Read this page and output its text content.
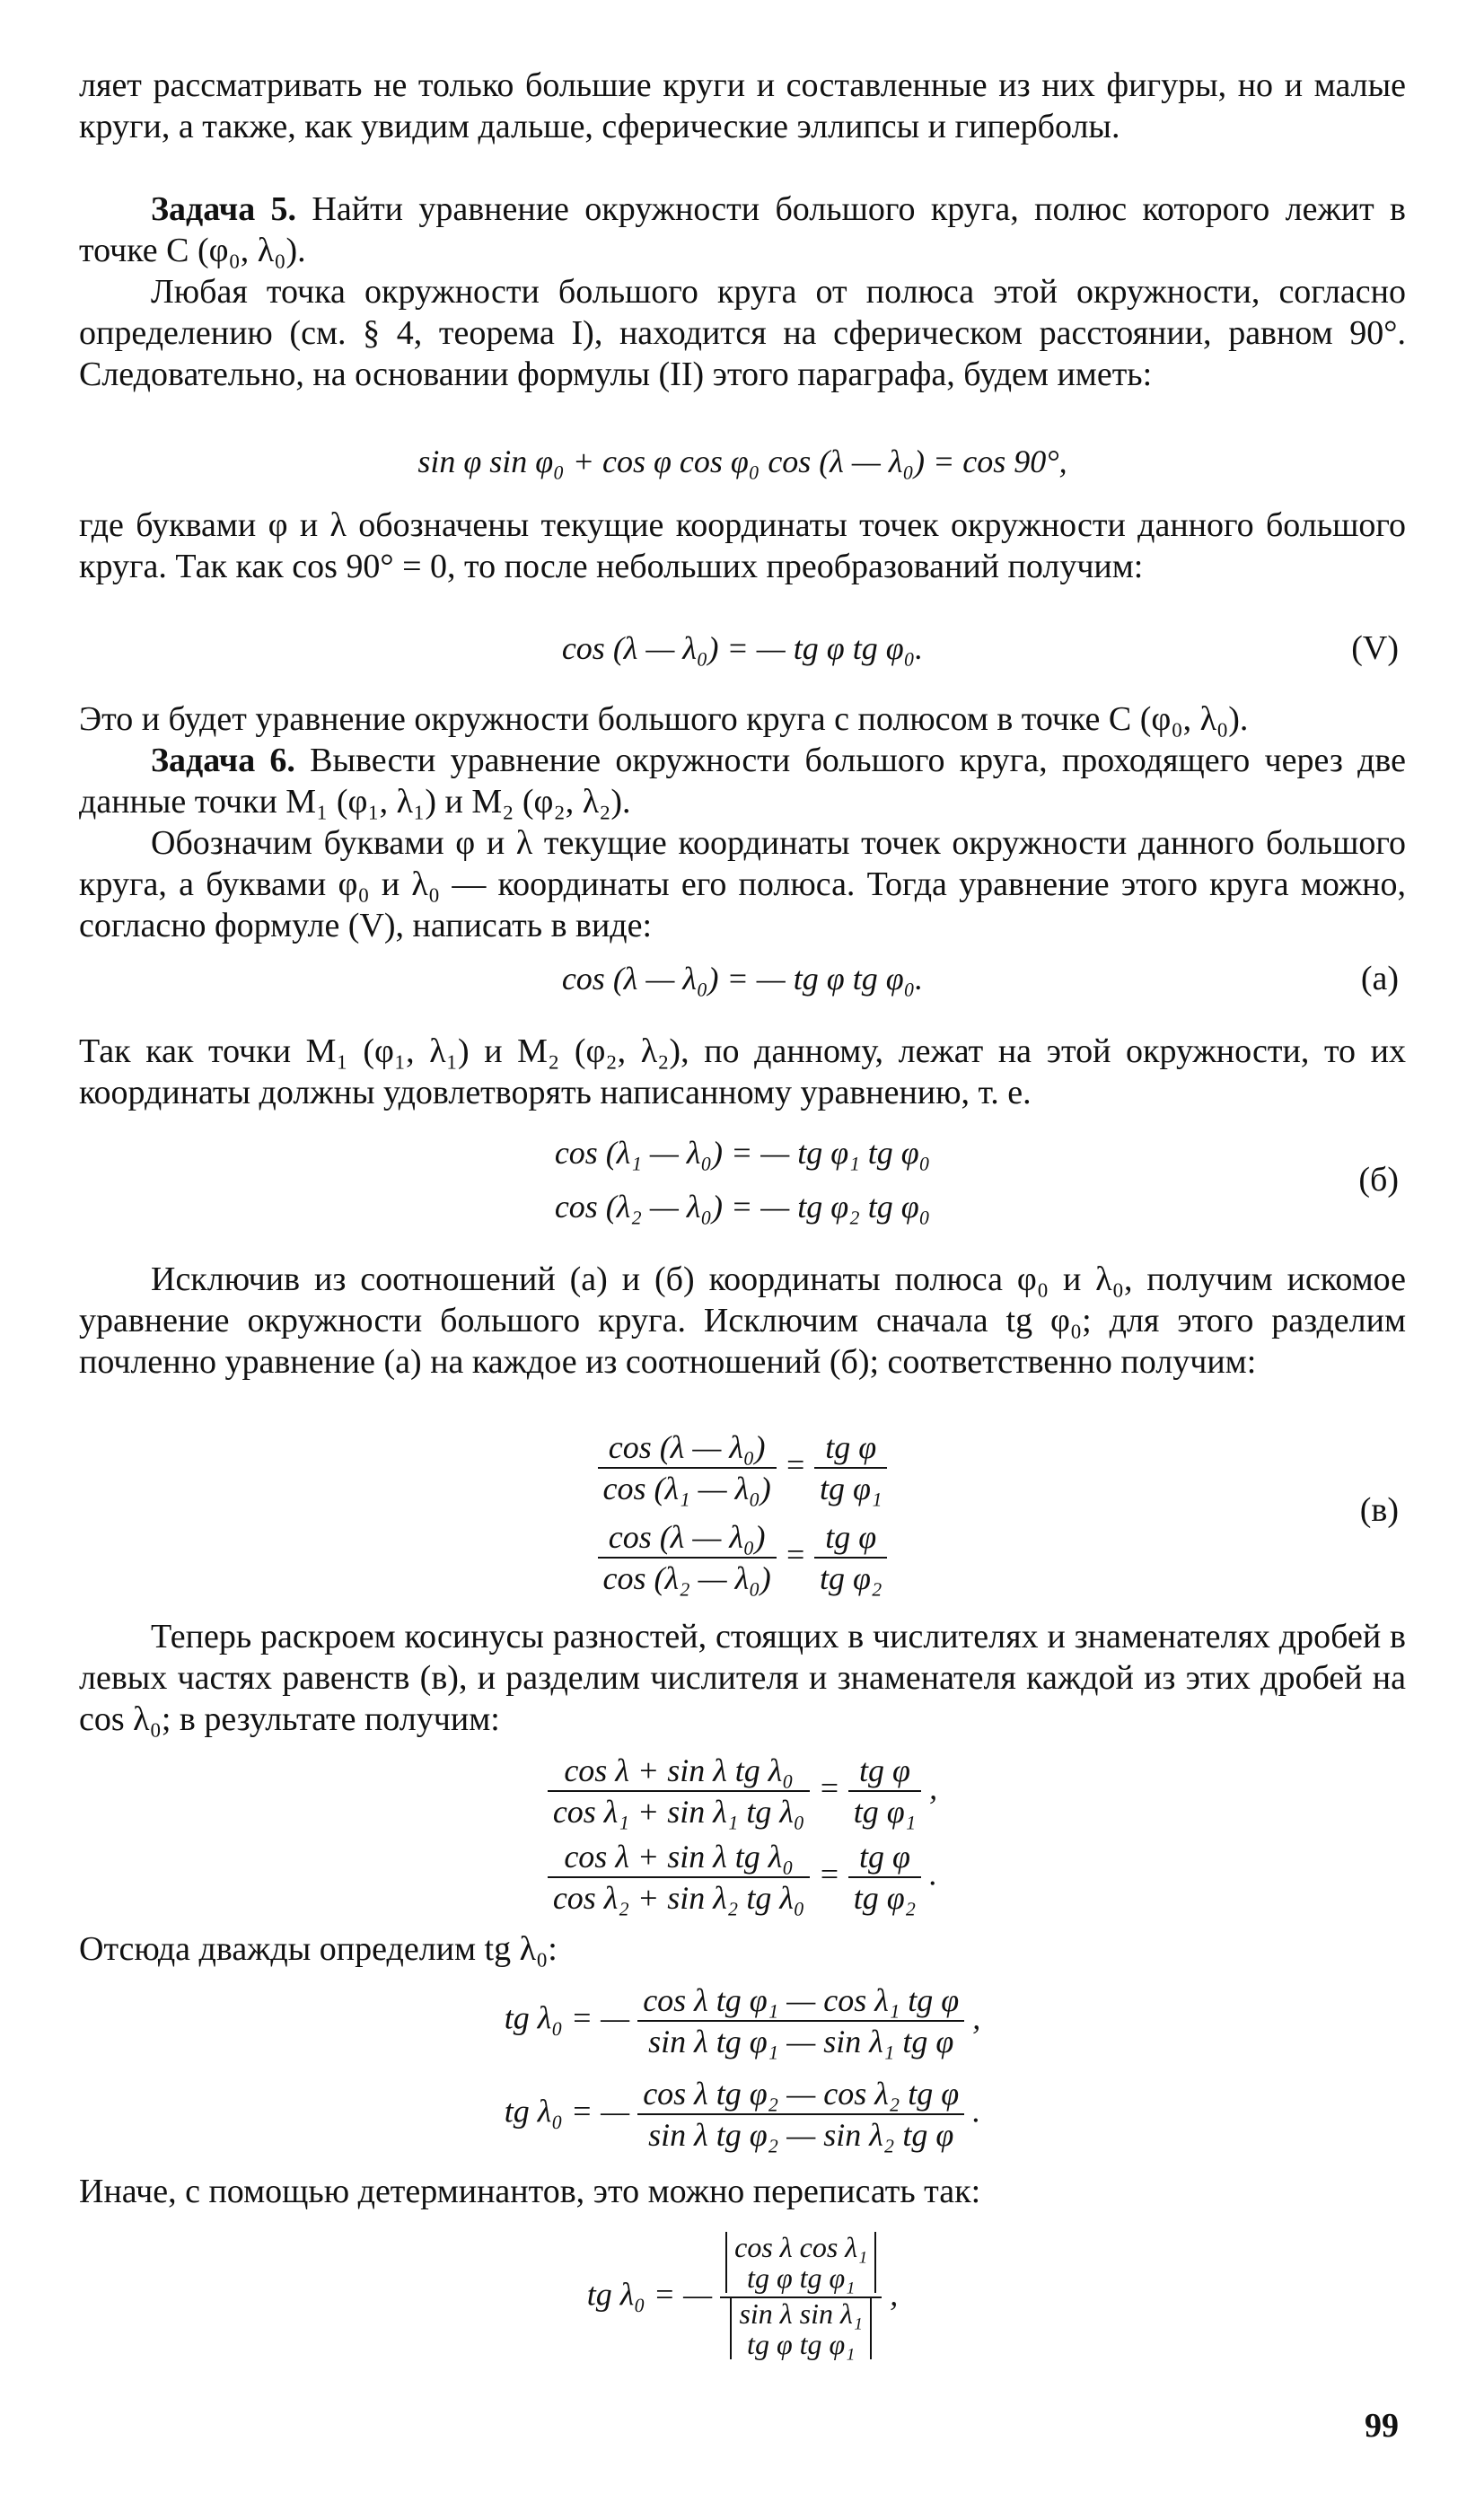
ляет рассматривать не только большие круги и составленные из них фигуры, но и малые круги, а также, как увидим дальше, сферические эллипсы и гиперболы.

Задача 5. Найти уравнение окружности большого круга, полюс которого лежит в точке C (φ₀, λ₀).

Любая точка окружности большого круга от полюса этой окружности, согласно определению (см. § 4, теорема I), находится на сферическом расстоянии, равном 90°. Следовательно, на основании формулы (II) этого параграфа, будем иметь:

sin φ sin φ₀ + cos φ cos φ₀ cos (λ — λ₀) = cos 90°,

где буквами φ и λ обозначены текущие координаты точек окружности данного большого круга. Так как cos 90° = 0, то после небольших преобразований получим:

cos (λ — λ₀) = — tg φ tg φ₀.	(V)

Это и будет уравнение окружности большого круга с полюсом в точке C (φ₀, λ₀).

Задача 6. Вывести уравнение окружности большого круга, проходящего через две данные точки M₁ (φ₁, λ₁) и M₂ (φ₂, λ₂).

Обозначим буквами φ и λ текущие координаты точек окружности данного большого круга, а буквами φ₀ и λ₀ — координаты его полюса. Тогда уравнение этого круга можно, согласно формуле (V), написать в виде:

cos (λ — λ₀) = — tg φ tg φ₀.	(а)

Так как точки M₁ (φ₁, λ₁) и M₂ (φ₂, λ₂), по данному, лежат на этой окружности, то их координаты должны удовлетворять написанному уравнению, т. е.

cos (λ₁ — λ₀) = — tg φ₁ tg φ₀
cos (λ₂ — λ₀) = — tg φ₂ tg φ₀
(б)

Исключив из соотношений (а) и (б) координаты полюса φ₀ и λ₀, получим искомое уравнение окружности большого круга. Исключим сначала tg φ₀; для этого разделим почленно уравнение (а) на каждое из соотношений (б); соответственно получим:

$\frac{\text{cos (λ — λ₀)}}{\text{cos (λ₁ — λ₀)}} = \frac{\text{tg φ}}{\text{tg φ₁}}$
$\frac{\text{cos (λ — λ₀)}}{\text{cos (λ₂ — λ₀)}} = \frac{\text{tg φ}}{\text{tg φ₂}}$
(в)

Теперь раскроем косинусы разностей, стоящих в числителях и знаменателях дробей в левых частях равенств (в), и разделим числителя и знаменателя каждой из этих дробей на cos λ₀; в результате получим:

$\frac{\text{cos λ + sin λ tg λ₀}}{\text{cos λ₁ + sin λ₁ tg λ₀}} = \frac{\text{tg φ}}{\text{tg φ₁}}$ ,
$\frac{\text{cos λ + sin λ tg λ₀}}{\text{cos λ₂ + sin λ₂ tg λ₀}} = \frac{\text{tg φ}}{\text{tg φ₂}}$ .

Отсюда дважды определим tg λ₀:

tg λ₀ = — $\frac{\text{cos λ tg φ₁ — cos λ₁ tg φ}}{\text{sin λ tg φ₁ — sin λ₁ tg φ}}$ ,
tg λ₀ = — $\frac{\text{cos λ tg φ₂ — cos λ₂ tg φ}}{\text{sin λ tg φ₂ — sin λ₂ tg φ}}$ .

Иначе, с помощью детерминантов, это можно переписать так:

tg λ₀ = — cos λ cos λ₁
tg φ tg φ₁
sin λ sin λ₁
tg φ tg φ₁ ,
99
